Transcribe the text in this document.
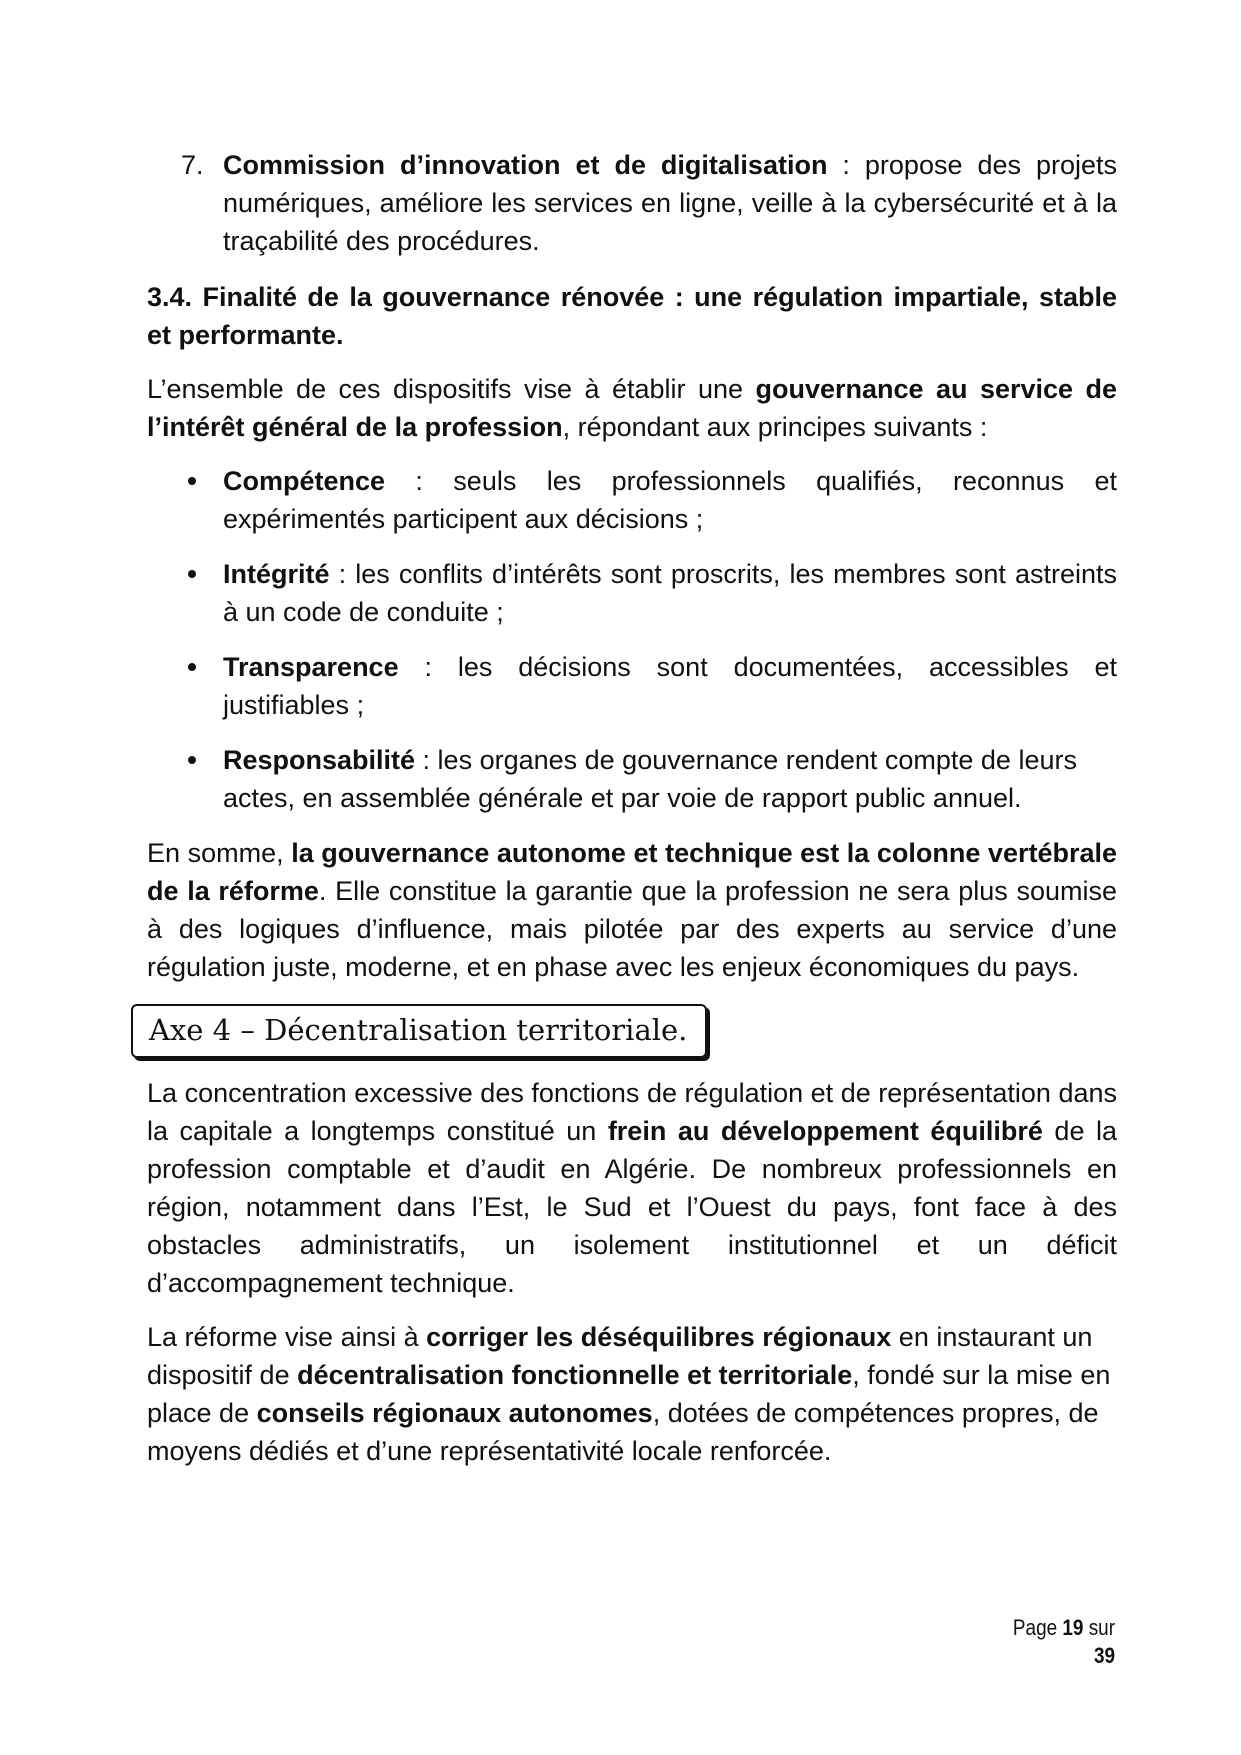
7. Commission d’innovation et de digitalisation : propose des projets numériques, améliore les services en ligne, veille à la cybersécurité et à la traçabilité des procédures.

3.4. Finalité de la gouvernance rénovée : une régulation impartiale, stable et performante.

L’ensemble de ces dispositifs vise à établir une gouvernance au service de l’intérêt général de la profession, répondant aux principes suivants :

Compétence : seuls les professionnels qualifiés, reconnus et expérimentés participent aux décisions ;
Intégrité : les conflits d’intérêts sont proscrits, les membres sont astreints à un code de conduite ;
Transparence : les décisions sont documentées, accessibles et justifiables ;
Responsabilité : les organes de gouvernance rendent compte de leurs actes, en assemblée générale et par voie de rapport public annuel.

En somme, la gouvernance autonome et technique est la colonne vertébrale de la réforme. Elle constitue la garantie que la profession ne sera plus soumise à des logiques d’influence, mais pilotée par des experts au service d’une régulation juste, moderne, et en phase avec les enjeux économiques du pays.

Axe 4 – Décentralisation territoriale.

La concentration excessive des fonctions de régulation et de représentation dans la capitale a longtemps constitué un frein au développement équilibré de la profession comptable et d’audit en Algérie. De nombreux professionnels en région, notamment dans l’Est, le Sud et l’Ouest du pays, font face à des obstacles administratifs, un isolement institutionnel et un déficit d’accompagnement technique.

La réforme vise ainsi à corriger les déséquilibres régionaux en instaurant un dispositif de décentralisation fonctionnelle et territoriale, fondé sur la mise en place de conseils régionaux autonomes, dotées de compétences propres, de moyens dédiés et d’une représentativité locale renforcée.

Page 19 sur 39
